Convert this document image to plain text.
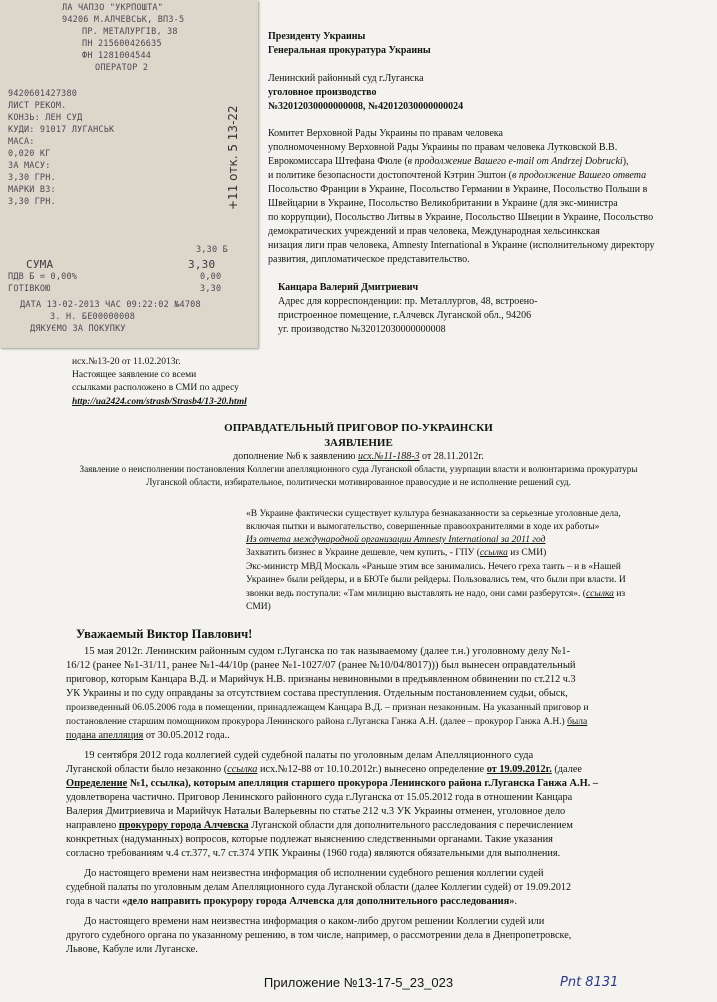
ЛА ЧАПЗО "УКРПОШТА"
94206 М.АЛЧЕВСЬК, ВПЗ-5
ПР. МЕТАЛУРГІВ, 38
ПН 215600426635
ФН 1281004544
ОПЕРАТОР 2
9420601427380
ЛИСТ РЕКОМ.
КОНЗЬ: ЛЕН СУД
КУДИ: 91017 ЛУГАНСЬК
МАСА:
0,020 КГ
ЗА МАСУ:
3,30 ГРН.
МАРКИ ВЗ:
3,30 ГРН.
3,30 Б
СУМА	3,30
ПДВ Б = 0,00%	0,00
ГОТІВКОЮ	3,30
ДАТА 13-02-2013 ЧАС 09:22:02 №4708
З. Н. БЕ00000008
ДЯКУЄМО ЗА ПОКУПКУ
+11 отк. 5 13-22
Президенту Украины
Генеральная прокуратура Украины
Ленинский районный суд г.Луганска
уголовное производство
№32012030000000008, №42012030000000024
Комитет Верховной Рады Украины по правам человека
уполномоченному Верховной Рады Украины по правам человека Лутковской В.В.
Еврокомиссара Штефана Фюле (в продолжение Вашего e-mail от Andrzej Dobrucki),
и политике безопасности достопочтеной Кэтрин Эштон (в продолжение Вашего ответа
Посольство Франции в Украине, Посольство Германии в Украине, Посольство Польши в
Швейцарии в Украине, Посольство Великобритании в Украине (для экс-министра
по коррупции), Посольство Литвы в Украине, Посольство Швеции в Украине, Посольство
демократических учреждений и прав человека, Международная хельсинкская
низация лиги прав человека, Amnesty International в Украине (исполнительному директору
развития, дипломатическое представительство.
Канцара Валерий Дмитриевич
Адрес для корреспонденции: пр. Металлургов, 48, встроено-
пристроенное помещение, г.Алчевск Луганской обл., 94206
уг. производство №32012030000000008
исх.№13-20 от 11.02.2013г.
Настоящее заявление со всеми
ссылками расположено в СМИ по адресу
http://ua2424.com/strasb/Strasb4/13-20.html
ОПРАВДАТЕЛЬНЫЙ ПРИГОВОР ПО-УКРАИНСКИ
ЗАЯВЛЕНИЕ
дополнение №6 к заявлению исх.№11-188-3 от 28.11.2012г.
Заявление о неисполнении постановления Коллегии апелляционного суда Луганской области, узурпации власти и волюнтаризма прокуратуры
Луганской области, избирательное, политически мотивированное правосудие и не исполнение решений суд.
«В Украине фактически существует культура безнаказанности за серьезные уголовные дела,
включая пытки и вымогательство, совершенные правоохранителями в ходе их работы»
Из отчета международной организации Amnesty International за 2011 год
Захватить бизнес в Украине дешевле, чем купить, - ГПУ (ссылка из СМИ)
Экс-министр МВД Москаль «Раньше этим все занимались. Нечего греха таить – и в «Нашей
Украине» были рейдеры, и в БЮТе были рейдеры. Пользовались тем, что были при власти. И
звонки ведь поступали: «Там милицию выставлять не надо, они сами разберутся». (ссылка из
СМИ)
Уважаемый Виктор Павлович!
15 мая 2012г. Ленинским районным судом г.Луганска по так называемому (далее т.н.) уголовному делу №1-
16/12 (ранее №1-31/11, ранее №1-44/10р (ранее №1-1027/07 (ранее №10/04/8017))) был вынесен оправдательный
приговор, которым Канцара В.Д. и Марийчук Н.В. признаны невиновными в предъявленном обвинении по ст.212 ч.3
УК Украины и по суду оправданы за отсутствием состава преступления. Отдельным постановлением судьи, обыск,
произведенный 06.05.2006 года в помещении, принадлежащем Канцара В.Д. – признан незаконным. На указанный приговор и
постановление старшим помощником прокурора Ленинского района г.Луганска Ганжа А.Н. (далее – прокурор Ганжа А.Н.) была
подана апелляция от 30.05.2012 года..
19 сентября 2012 года коллегией судей судебной палаты по уголовным делам Апелляционного суда
Луганской области было незаконно (ссылка исх.№12-88 от 10.10.2012г.) вынесено определение от 19.09.2012г. (далее
Определение №1, ссылка), которым апелляция старшего прокурора Ленинского района г.Луганска Ганжа А.Н. –
удовлетворена частично. Приговор Ленинского районного суда г.Луганска от 15.05.2012 года в отношении Канцара
Валерия Дмитриевича и Марийчук Натальи Валерьевны по статье 212 ч.3 УК Украины отменен, уголовное дело
направлено прокурору города Алчевска Луганской области для дополнительного расследования с перечислением
конкретных (надуманных) вопросов, которые подлежат выяснению следственными органами. Такие указания
согласно требованиям ч.4 ст.377, ч.7 ст.374 УПК Украины (1960 года) являются обязательными для выполнения.
До настоящего времени нам неизвестна информация об исполнении судебного решения коллегии судей
судебной палаты по уголовным делам Апелляционного суда Луганской области (далее Коллегии судей) от 19.09.2012
года в части «дело направить прокурору города Алчевска для дополнительного расследования».
До настоящего времени нам неизвестна информация о каком-либо другом решении Коллегии судей или
другого судебного органа по указанному решению, в том числе, например, о рассмотрении дела в Днепропетровске,
Львове, Кабуле или Луганске.
Приложение №13-17-5_23_023	Pnt 8131
